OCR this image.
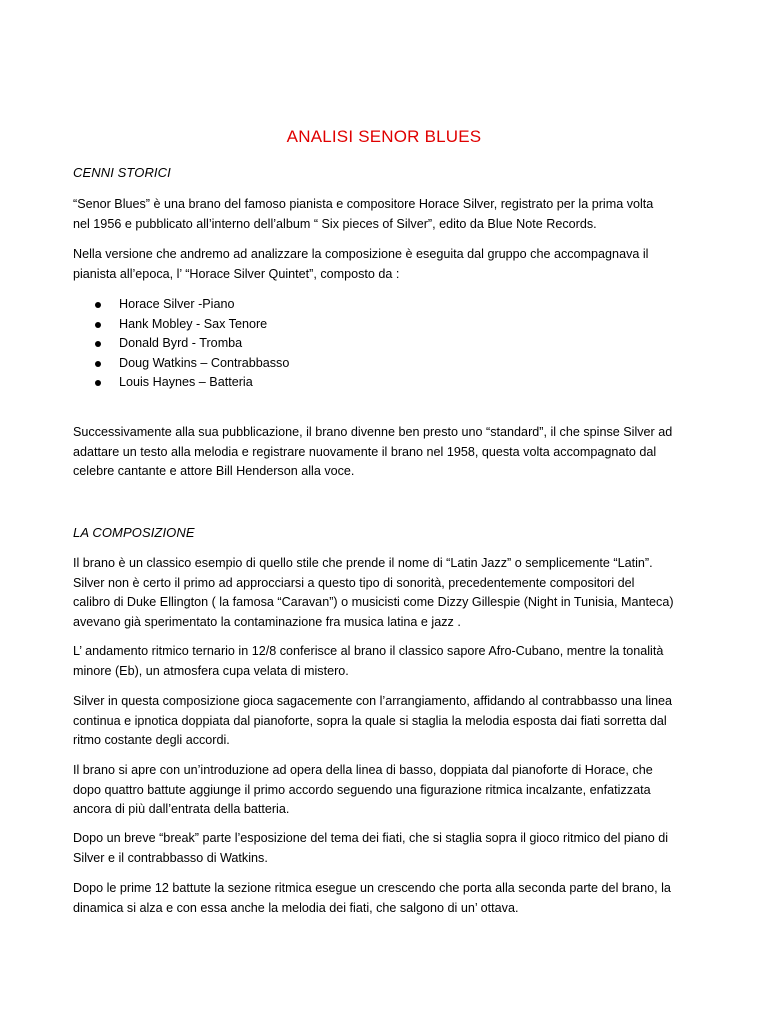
ANALISI SENOR BLUES
CENNI STORICI
“Senor Blues” è una brano del famoso pianista e compositore Horace Silver, registrato per la prima volta
nel 1956 e pubblicato all’interno dell’album “ Six pieces of Silver”, edito da Blue Note Records.
Nella versione che andremo ad analizzare la composizione è eseguita dal gruppo che accompagnava il
pianista all’epoca, l’ “Horace Silver Quintet”, composto da :
Horace Silver -Piano
Hank Mobley - Sax Tenore
Donald Byrd - Tromba
Doug Watkins – Contrabbasso
Louis Haynes – Batteria
Successivamente alla sua pubblicazione, il brano divenne ben presto uno “standard”, il che spinse Silver ad
adattare un testo alla melodia e registrare nuovamente il brano nel 1958, questa volta accompagnato dal
celebre cantante e attore Bill Henderson alla voce.
LA COMPOSIZIONE
Il brano è un classico esempio di quello stile che prende il nome di “Latin Jazz” o semplicemente “Latin”.
Silver non è certo il primo ad approcciarsi a questo tipo di sonorità, precedentemente compositori del
calibro di Duke Ellington ( la famosa “Caravan”) o musicisti come Dizzy Gillespie (Night in Tunisia, Manteca)
avevano già sperimentato la contaminazione fra musica latina e jazz .
L’ andamento ritmico ternario in 12/8 conferisce al brano il classico sapore Afro-Cubano, mentre la tonalità
minore (Eb), un atmosfera cupa velata di mistero.
Silver in questa composizione gioca sagacemente con l’arrangiamento, affidando al contrabbasso una linea
continua e ipnotica doppiata dal pianoforte, sopra la quale si staglia la melodia esposta dai fiati sorretta dal
ritmo costante degli accordi.
Il brano si apre con un’introduzione ad opera della linea di basso, doppiata dal pianoforte di Horace, che
dopo quattro battute aggiunge il primo accordo seguendo una figurazione ritmica incalzante, enfatizzata
ancora di più dall’entrata della batteria.
Dopo un breve “break” parte l’esposizione del tema dei fiati, che si staglia sopra il gioco ritmico del piano di
Silver e il contrabbasso di Watkins.
Dopo le prime 12 battute la sezione ritmica esegue un crescendo che porta alla seconda parte del brano, la
dinamica si alza e con essa anche la melodia dei fiati, che salgono di un’ ottava.
